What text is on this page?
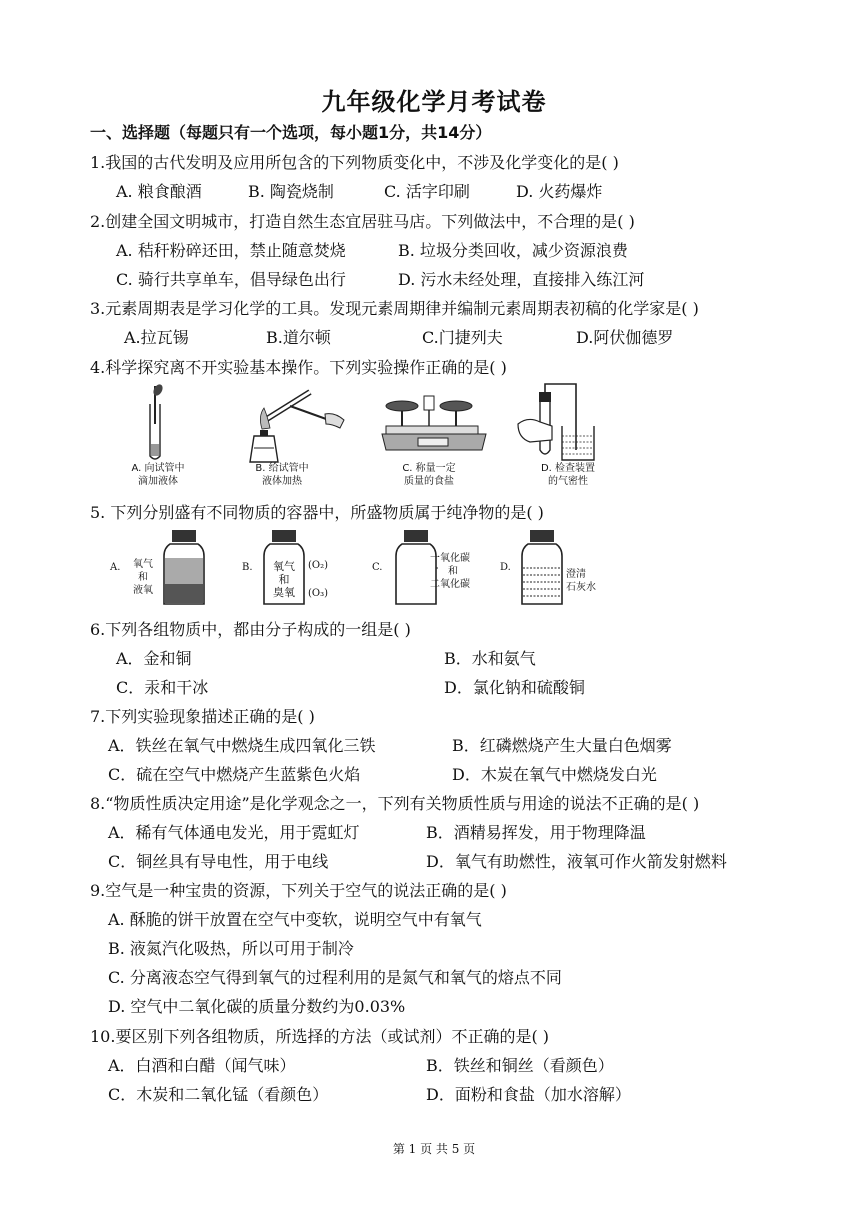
九年级化学月考试卷
一、选择题（每题只有一个选项，每小题1分，共14分）
1.我国的古代发明及应用所包含的下列物质变化中，不涉及化学变化的是( )
A. 粮食酿酒	B. 陶瓷烧制	C. 活字印刷	D. 火药爆炸
2.创建全国文明城市，打造自然生态宜居驻马店。下列做法中，不合理的是( )
A. 秸秆粉碎还田，禁止随意焚烧	B. 垃圾分类回收，减少资源浪费
C. 骑行共享单车，倡导绿色出行	D. 污水未经处理，直接排入练江河
3.元素周期表是学习化学的工具。发现元素周期律并编制元素周期表初稿的化学家是( )
A.拉瓦锡	B.道尔顿	C.门捷列夫	D.阿伏伽德罗
4.科学探究离不开实验基本操作。下列实验操作正确的是( )
A. 向试管中
滴加液体
B. 给试管中
液体加热
C. 称量一定
质量的食盐
D. 检查装置
的气密性
5. 下列分别盛有不同物质的容器中，所盛物质属于纯净物的是( )
A.	氧气
和
液氧
B.	氧气
和
臭氧
(O₂)
(O₃)
C.
一氧化碳
和
二氧化碳
D.
澄清
石灰水
6.下列各组物质中，都由分子构成的一组是( )
A．金和铜	B．水和氨气
C．汞和干冰	D．氯化钠和硫酸铜
7.下列实验现象描述正确的是( )
A．铁丝在氧气中燃烧生成四氧化三铁	B．红磷燃烧产生大量白色烟雾
C．硫在空气中燃烧产生蓝紫色火焰	D．木炭在氧气中燃烧发白光
8.“物质性质决定用途”是化学观念之一，下列有关物质性质与用途的说法不正确的是( )
A．稀有气体通电发光，用于霓虹灯	B．酒精易挥发，用于物理降温
C．铜丝具有导电性，用于电线	D．氧气有助燃性，液氧可作火箭发射燃料
9.空气是一种宝贵的资源，下列关于空气的说法正确的是( )
A. 酥脆的饼干放置在空气中变软，说明空气中有氧气
B. 液氮汽化吸热，所以可用于制冷
C. 分离液态空气得到氧气的过程利用的是氮气和氧气的熔点不同
D. 空气中二氧化碳的质量分数约为0.03%
10.要区别下列各组物质，所选择的方法（或试剂）不正确的是( )
A．白酒和白醋（闻气味）	B．铁丝和铜丝（看颜色）
C．木炭和二氧化锰（看颜色）	D．面粉和食盐（加水溶解）
第 1 页 共 5 页
